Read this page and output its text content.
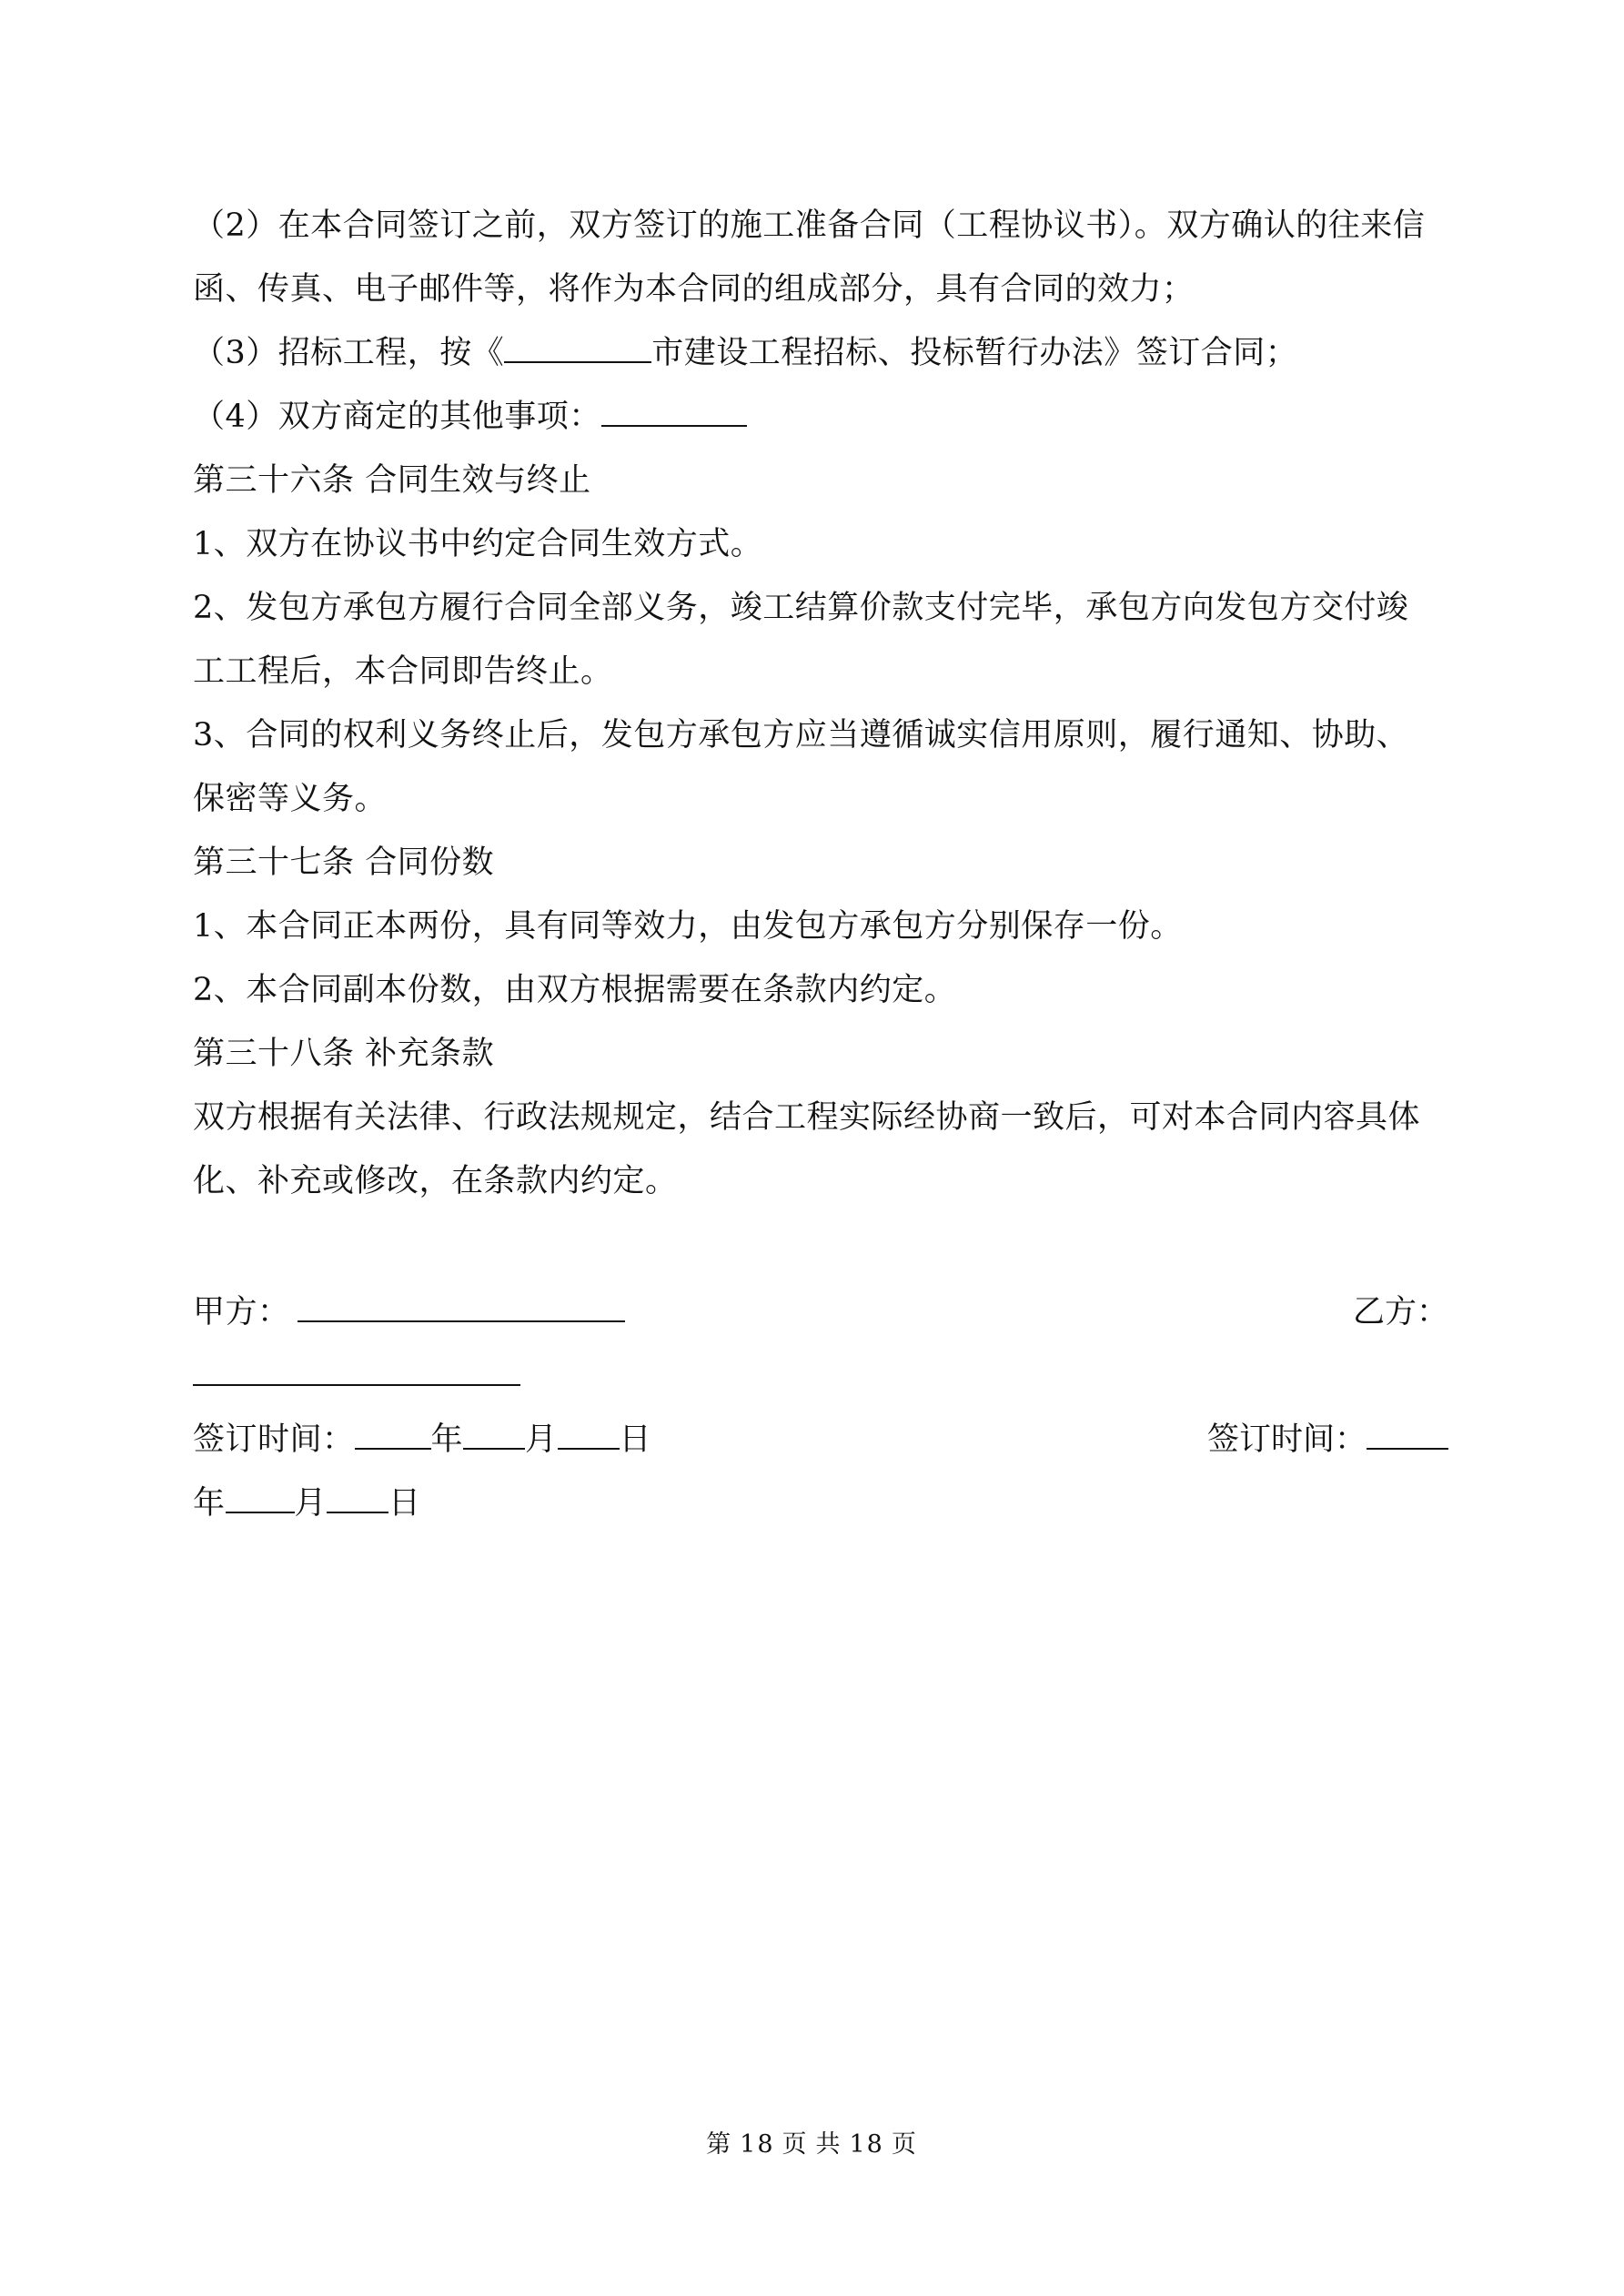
（2）在本合同签订之前，双方签订的施工准备合同（工程协议书）。双方确认的往来信
函、传真、电子邮件等，将作为本合同的组成部分，具有合同的效力；
（3）招标工程，按《	市建设工程招标、投标暂行办法》签订合同；
（4）双方商定的其他事项：
第三十六条 合同生效与终止
1、双方在协议书中约定合同生效方式。
2、发包方承包方履行合同全部义务，竣工结算价款支付完毕，承包方向发包方交付竣
工工程后，本合同即告终止。
3、合同的权利义务终止后，发包方承包方应当遵循诚实信用原则，履行通知、协助、
保密等义务。
第三十七条 合同份数
1、本合同正本两份，具有同等效力，由发包方承包方分别保存一份。
2、本合同副本份数，由双方根据需要在条款内约定。
第三十八条 补充条款
双方根据有关法律、行政法规规定，结合工程实际经协商一致后，可对本合同内容具体
化、补充或修改，在条款内约定。
甲方：	乙方：
签订时间： 年 月 日	签订时间：
年 月 日
第 18 页 共 18 页
